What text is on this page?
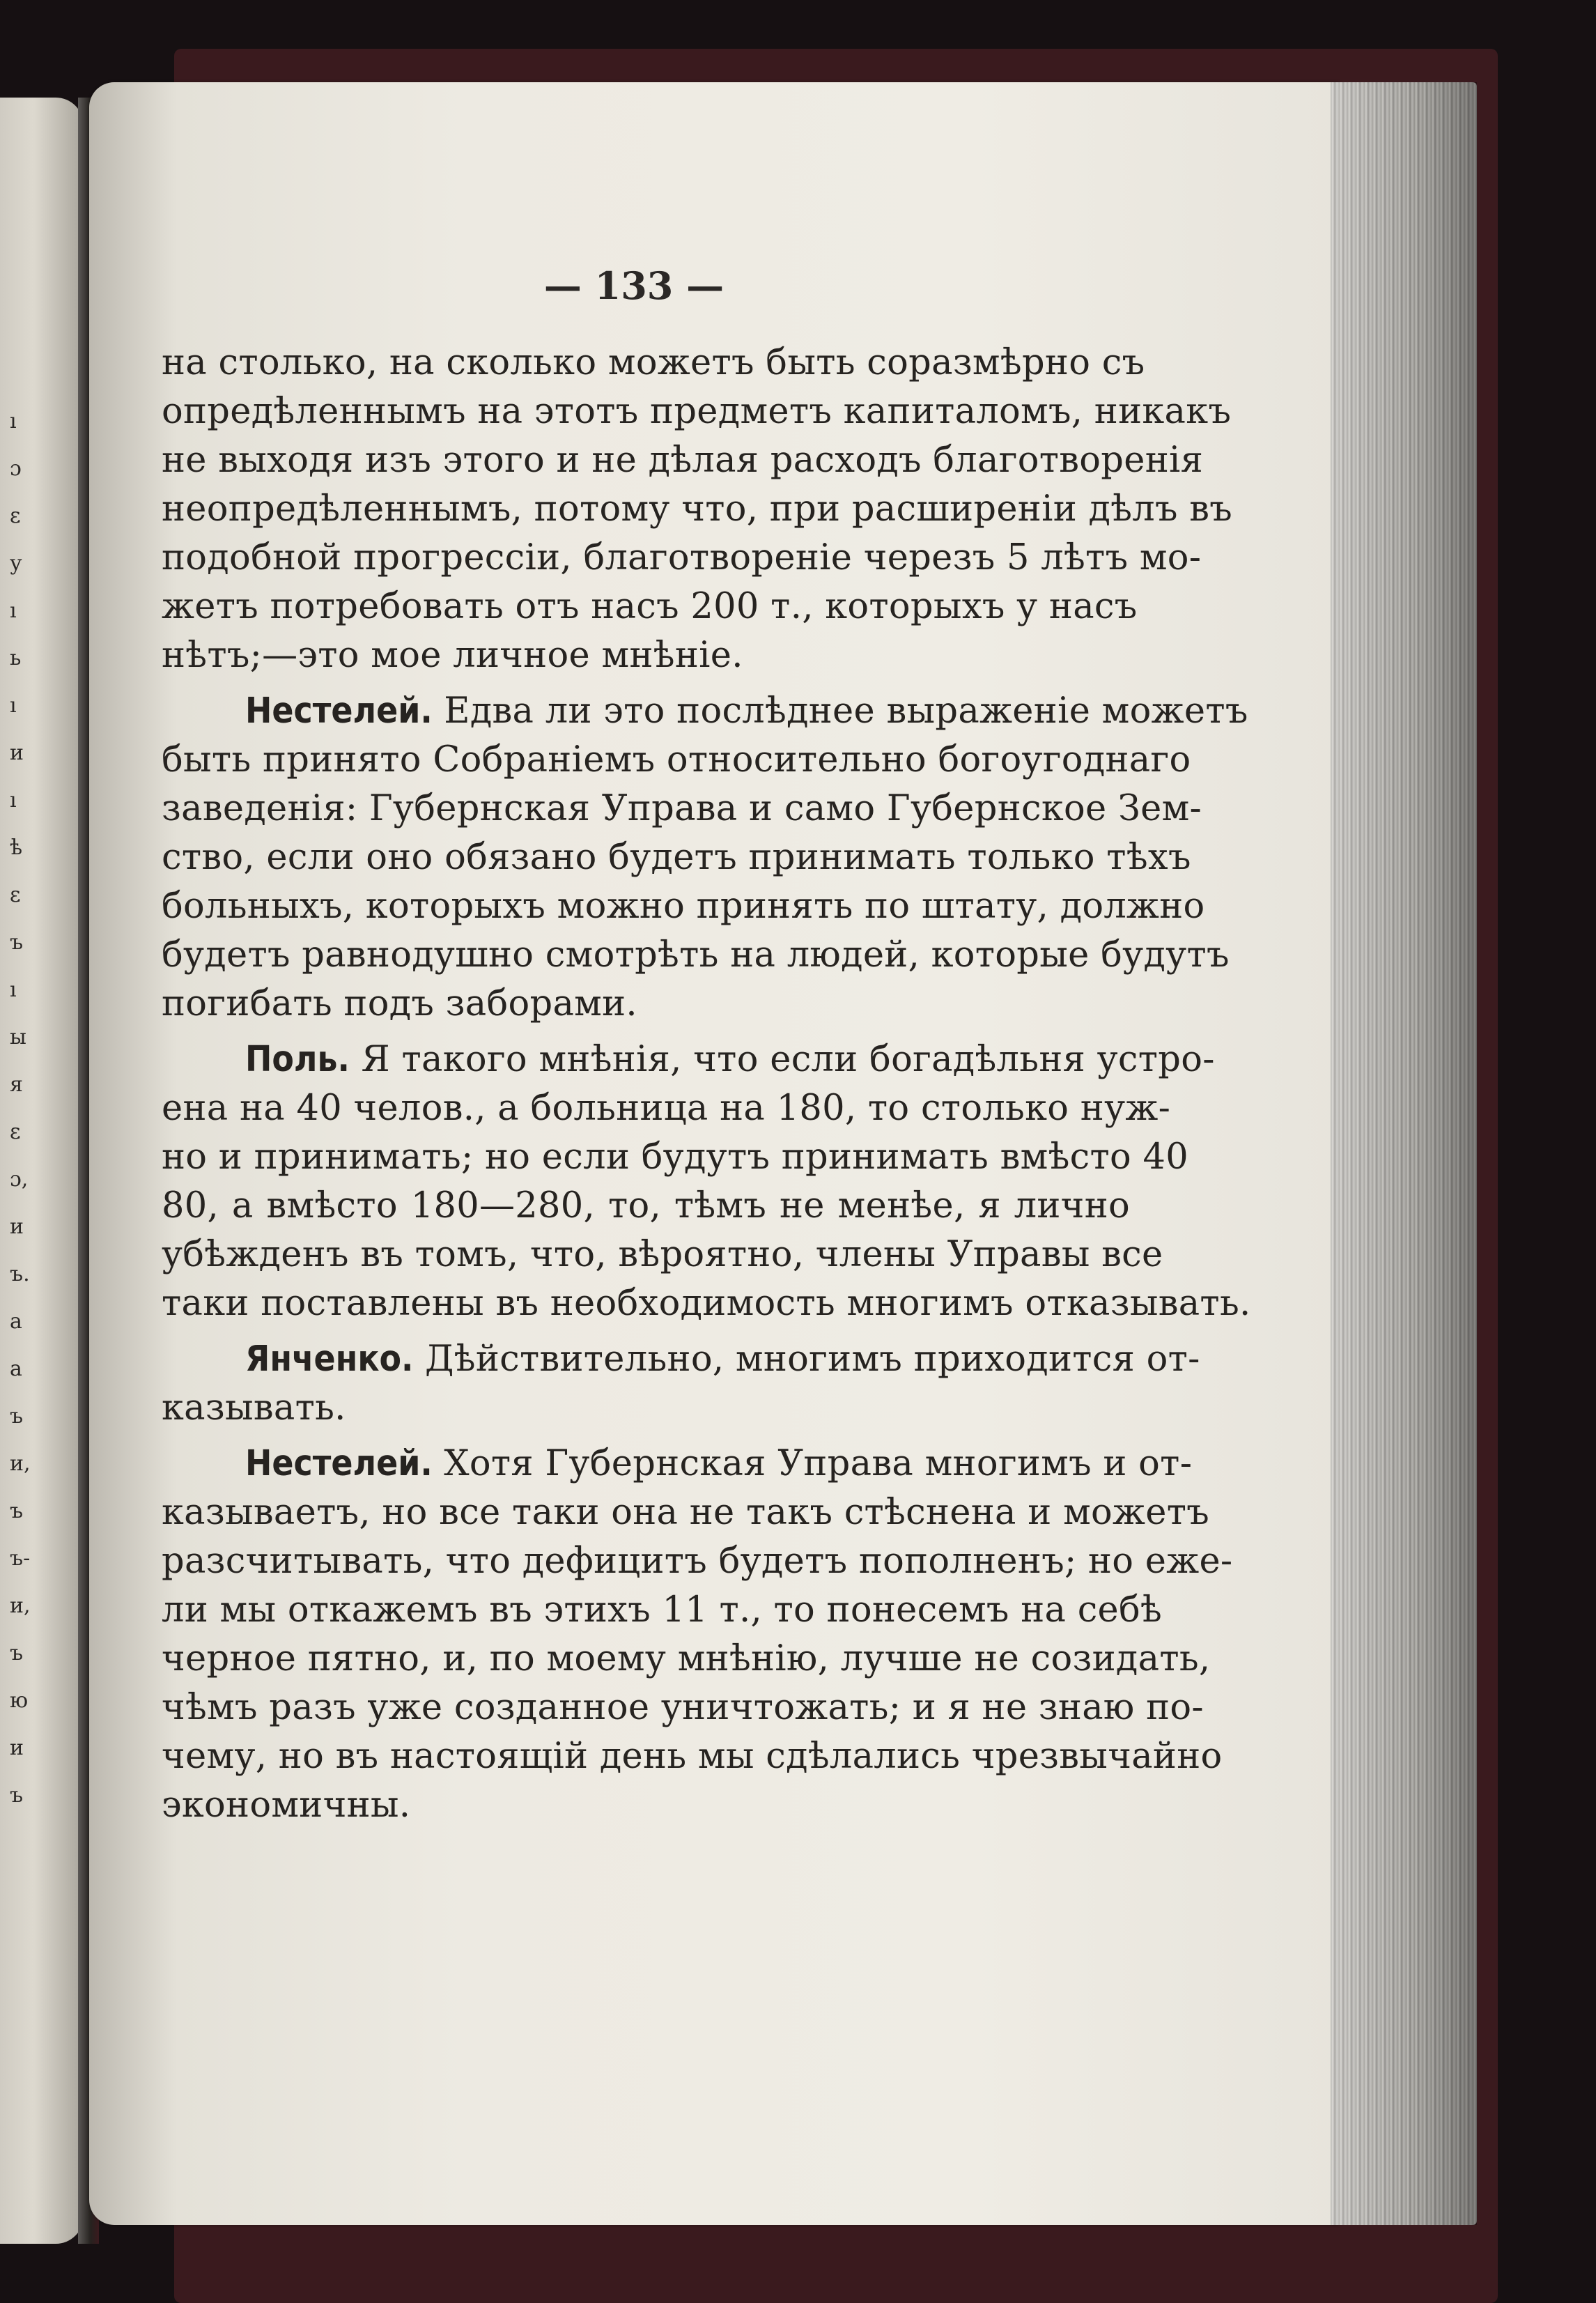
ı
ɔ
ɛ
у
ı
ь
ı
и
ı
ѣ
ɛ
ъ
ı
ы
я
ɛ
ɔ,
и
ъ.
а
а
ъ
и,
ъ
ъ-
и,
ъ
ю
и
ъ
— 133 —
на столько, на сколько можетъ быть соразмѣрно съ
опредѣленнымъ на этотъ предметъ капиталомъ, никакъ
не выходя изъ этого и не дѣлая расходъ благотворенія
неопредѣленнымъ, потому что, при расширеніи дѣлъ въ
подобной прогрессіи, благотвореніе черезъ 5 лѣтъ мо-
жетъ потребовать отъ насъ 200 т., которыхъ у насъ
нѣтъ;—это мое личное мнѣніе.
Нестелей. Едва ли это послѣднее выраженіе можетъ
быть принято Собраніемъ относительно богоугоднаго
заведенія: Губернская Управа и само Губернское Зем-
ство, если оно обязано будетъ принимать только тѣхъ
больныхъ, которыхъ можно принять по штату, должно
будетъ равнодушно смотрѣть на людей, которые будутъ
погибать подъ заборами.
Поль. Я такого мнѣнія, что если богадѣльня устро-
ена на 40 челов., а больница на 180, то столько нуж-
но и принимать; но если будутъ принимать вмѣсто 40
80, а вмѣсто 180—280, то, тѣмъ не менѣе, я лично
убѣжденъ въ томъ, что, вѣроятно, члены Управы все
таки поставлены въ необходимость многимъ отказывать.
Янченко. Дѣйствительно, многимъ приходится от-
казывать.
Нестелей. Хотя Губернская Управа многимъ и от-
казываетъ, но все таки она не такъ стѣснена и можетъ
разсчитывать, что дефицитъ будетъ пополненъ; но еже-
ли мы откажемъ въ этихъ 11 т., то понесемъ на себѣ
черное пятно, и, по моему мнѣнію, лучше не созидать,
чѣмъ разъ уже созданное уничтожать; и я не знаю по-
чему, но въ настоящій день мы сдѣлались чрезвычайно
экономичны.
